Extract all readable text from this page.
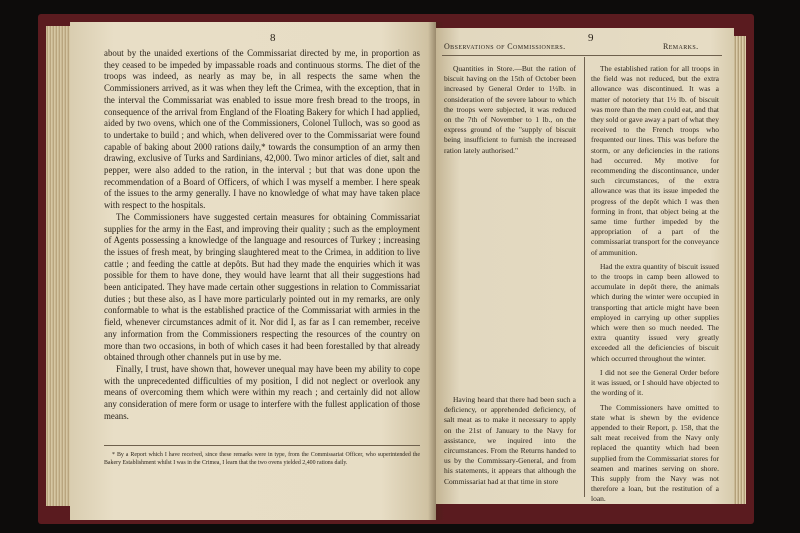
8

about by the unaided exertions of the Commissariat directed by me, in proportion as they ceased to be impeded by impassable roads and continuous storms. The diet of the troops was indeed, as nearly as may be, in all respects the same when the Commissioners arrived, as it was when they left the Crimea, with the exception, that in the interval the Commissariat was enabled to issue more fresh bread to the troops, in consequence of the arrival from England of the Floating Bakery for which I had applied, aided by two ovens, which one of the Commissioners, Colonel Tulloch, was so good as to undertake to build ; and which, when delivered over to the Commissariat were found capable of baking about 2000 rations daily,* towards the consumption of an army then drawing, exclusive of Turks and Sardinians, 42,000. Two minor articles of diet, salt and pepper, were also added to the ration, in the interval ; but that was done upon the recommendation of a Board of Officers, of which I was myself a member. I here speak of the issues to the army generally. I have no knowledge of what may have taken place with respect to the hospitals.

The Commissioners have suggested certain measures for obtaining Commissariat supplies for the army in the East, and improving their quality ; such as the employment of Agents possessing a knowledge of the language and resources of Turkey ; increasing the issues of fresh meat, by bringing slaughtered meat to the Crimea, in addition to live cattle ; and feeding the cattle at depôts. But had they made the enquiries which it was possible for them to have done, they would have learnt that all their suggestions had been anticipated. They have made certain other suggestions in relation to Commissariat duties ; but these also, as I have more particularly pointed out in my remarks, are only conformable to what is the established practice of the Commissariat with armies in the field, whenever circumstances admit of it. Nor did I, as far as I can remember, receive any information from the Commissioners respecting the resources of the country on more than two occasions, in both of which cases it had been forestalled by that already obtained through other channels put in use by me.

Finally, I trust, have shown that, however unequal may have been my ability to cope with the unprecedented difficulties of my position, I did not neglect or overlook any means of overcoming them which were within my reach ; and certainly did not allow any consideration of mere form or usage to interfere with the fullest application of those means.

* By a Report which I have received, since these remarks were in type, from the Commissariat Officer, who superintended the Bakery Establishment whilst I was in the Crimea, I learn that the two ovens yielded 2,400 rations daily.

9
Observations of Commissioners.	Remarks.

Quantities in Store.—But the ration of biscuit having on the 15th of October been increased by General Order to 1½lb. in consideration of the severe labour to which the troops were subjected, it was reduced on the 7th of November to 1 lb., on the express ground of the "supply of biscuit being insufficient to furnish the increased ration lately authorised."

Having heard that there had been such a deficiency, or apprehended deficiency, of salt meat as to make it necessary to apply on the 21st of January to the Navy for assistance, we inquired into the circumstances. From the Returns handed to us by the Commissary-General, and from his statements, it appears that although the Commissariat had at that time in store

The established ration for all troops in the field was not reduced, but the extra allowance was discontinued. It was a matter of notoriety that 1½ lb. of biscuit was more than the men could eat, and that they sold or gave away a part of what they received to the French troops who frequented our lines. This was before the storm, or any deficiencies in the rations had occurred. My motive for recommending the discontinuance, under such circumstances, of the extra allowance was that its issue impeded the progress of the depôt which I was then forming in front, that object being at the same time further impeded by the appropriation of a part of the commissariat transport for the conveyance of ammunition.

Had the extra quantity of biscuit issued to the troops in camp been allowed to accumulate in depôt there, the animals which during the winter were occupied in transporting that article might have been employed in carrying up other supplies which were then so much needed. The extra quantity issued very greatly exceeded all the deficiencies of biscuit which occurred throughout the winter.

I did not see the General Order before it was issued, or I should have objected to the wording of it.

The Commissioners have omitted to state what is shewn by the evidence appended to their Report, p. 158, that the salt meat received from the Navy only replaced the quantity which had been supplied from the Commissariat stores for seamen and marines serving on shore. This supply from the Navy was not therefore a loan, but the restitution of a loan.
